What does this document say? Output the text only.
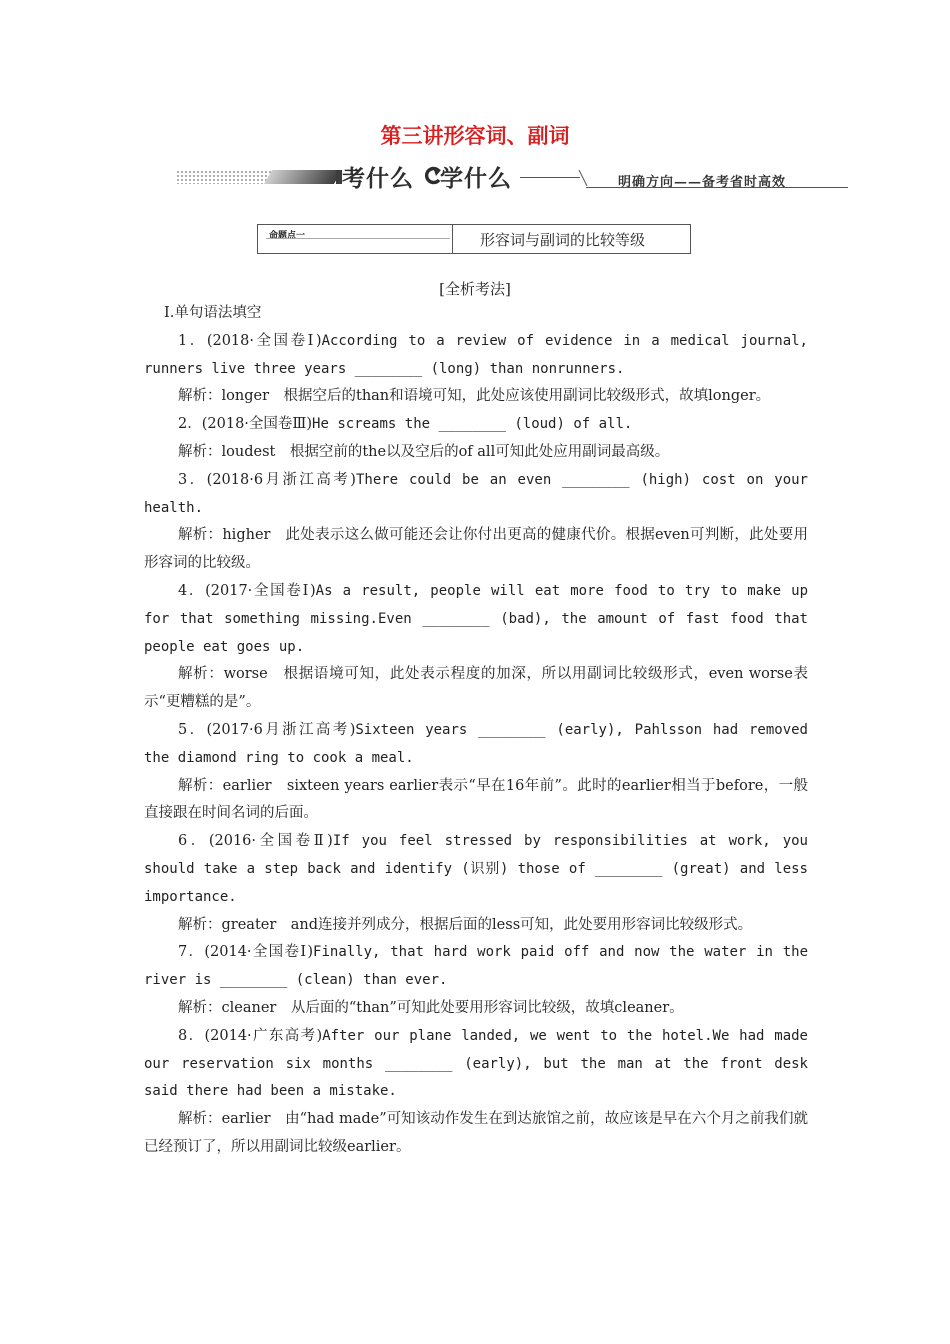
第三讲形容词、副词
考什么 学什么	明确方向——备考省时高效
命题点一	形容词与副词的比较等级
[全析考法]

Ⅰ.单句语法填空

1．(2018·全国卷Ⅰ)According to a review of evidence in a medical journal, runners live three years ________ (long) than nonrunners.

解析：longer　根据空后的than和语境可知，此处应该使用副词比较级形式，故填longer。

2．(2018·全国卷Ⅲ)He screams the ________ (loud) of all.

解析：loudest　根据空前的the以及空后的of all可知此处应用副词最高级。

3．(2018·6月浙江高考)There could be an even ________ (high) cost on your health.

解析：higher　此处表示这么做可能还会让你付出更高的健康代价。根据even可判断，此处要用形容词的比较级。

4．(2017·全国卷Ⅰ)As a result, people will eat more food to try to make up for that something missing.Even ________ (bad), the amount of fast food that people eat goes up.

解析：worse　根据语境可知，此处表示程度的加深，所以用副词比较级形式，even worse表示“更糟糕的是”。

5．(2017·6月浙江高考)Sixteen years ________ (early), Pahlsson had removed the diamond ring to cook a meal.

解析：earlier　sixteen years earlier表示“早在16年前”。此时的earlier相当于before，一般直接跟在时间名词的后面。

6．(2016·全国卷Ⅱ)If you feel stressed by responsibilities at work, you should take a step back and identify (识别) those of ________ (great) and less importance.

解析：greater　and连接并列成分，根据后面的less可知，此处要用形容词比较级形式。

7．(2014·全国卷Ⅰ)Finally, that hard work paid off and now the water in the river is ________ (clean) than ever.

解析：cleaner　从后面的“than”可知此处要用形容词比较级，故填cleaner。

8．(2014·广东高考)After our plane landed, we went to the hotel.We had made our reservation six months ________ (early), but the man at the front desk said there had been a mistake.

解析：earlier　由“had made”可知该动作发生在到达旅馆之前，故应该是早在六个月之前我们就已经预订了，所以用副词比较级earlier。
